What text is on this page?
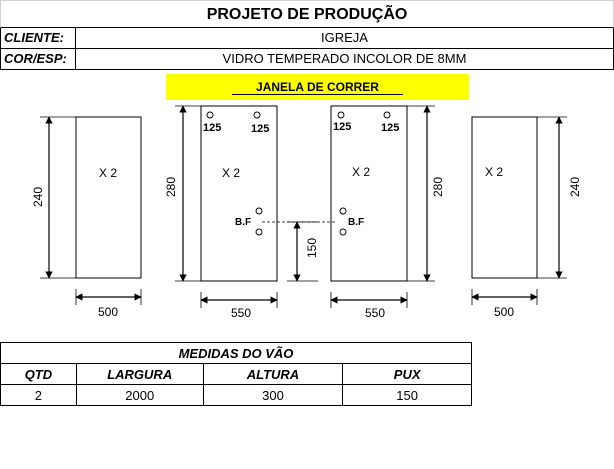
PROJETO DE PRODUÇÃO
CLIENTE:	IGREJA
COR/ESP:	VIDRO TEMPERADO INCOLOR DE 8MM
JANELA DE CORRER
X 2
240
500
125	125
X 2
B.F
280
550
150
125	125
X 2
B.F
280
550
X 2
240
500
MEDIDAS DO VÃO			
QTD	LARGURA	ALTURA	PUX
2	2000	300	150
